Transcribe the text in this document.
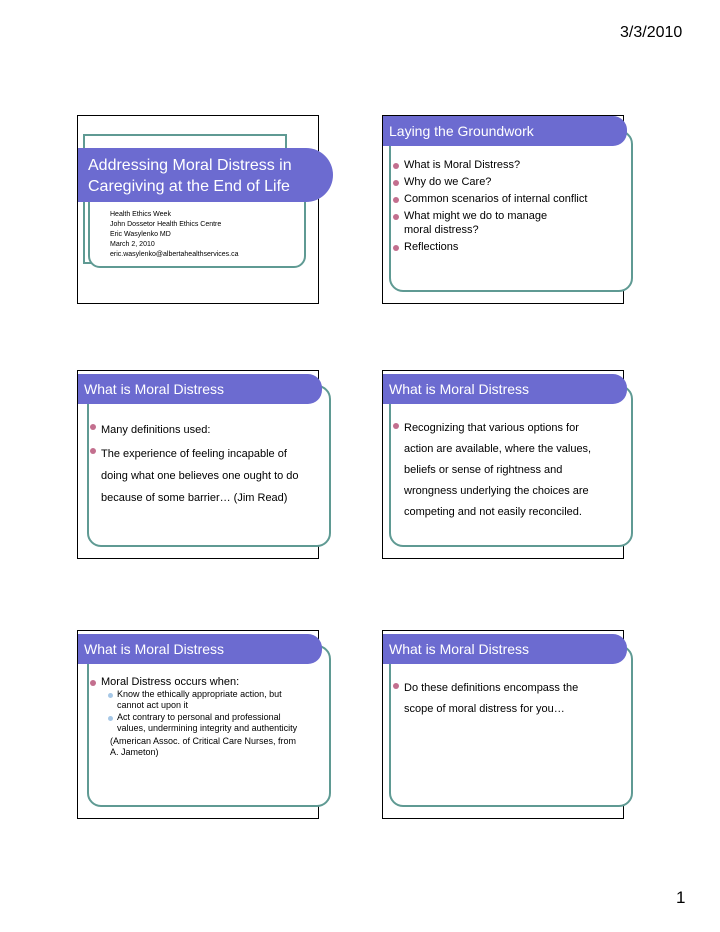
3/3/2010
Addressing Moral Distress in
Caregiving at the End of Life
Health Ethics Week
John Dossetor Health Ethics Centre
Eric Wasylenko MD
March 2, 2010
eric.wasylenko@albertahealthservices.ca
Laying the Groundwork
What is Moral Distress?
Why do we Care?
Common scenarios of internal conflict
What might we do to manage moral distress?
Reflections
What is Moral Distress
Many definitions used:
The experience of feeling incapable of doing what one believes one ought to do because of some barrier… (Jim Read)
What is Moral Distress
Recognizing that various options for action are available, where the values, beliefs or sense of rightness and wrongness underlying the choices are competing and not easily reconciled.
What is Moral Distress
Moral Distress occurs when:
Know the ethically appropriate action, but cannot act upon it
Act contrary to personal and professional values, undermining integrity and authenticity
(American Assoc. of Critical Care Nurses, from A. Jameton)
What is Moral Distress
Do these definitions encompass the scope of moral distress for you…
1
